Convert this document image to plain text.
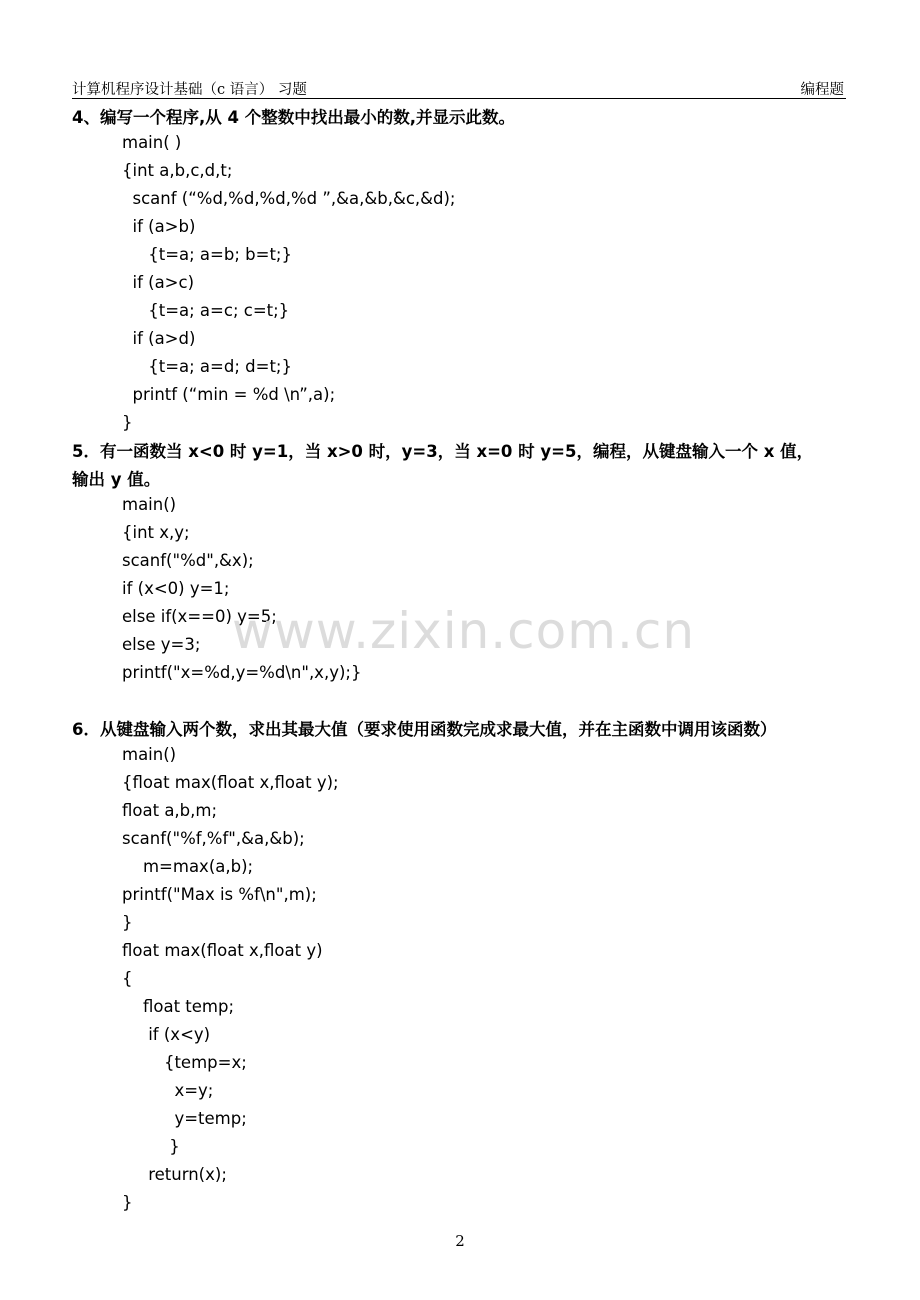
计算机程序设计基础（c 语言） 习题	编程题
4、编写一个程序,从 4 个整数中找出最小的数,并显示此数。
main( )
{int a,b,c,d,t;
scanf (“%d,%d,%d,%d ”,&a,&b,&c,&d);
if (a>b)
{t=a; a=b; b=t;}
if (a>c)
{t=a; a=c; c=t;}
if (a>d)
{t=a; a=d; d=t;}
printf (“min = %d \n”,a);
}
5．有一函数当 x<0 时 y=1，当 x>0 时，y=3，当 x=0 时 y=5，编程，从键盘输入一个 x 值，
输出 y 值。
main()
{int x,y;
scanf("%d",&x);
if (x<0) y=1;
else if(x==0) y=5;
else y=3;
printf("x=%d,y=%d\n",x,y);}
www.zixin.com.cn
6．从键盘输入两个数，求出其最大值（要求使用函数完成求最大值，并在主函数中调用该函数）
main()
{float max(float x,float y);
float a,b,m;
scanf("%f,%f",&a,&b);
m=max(a,b);
printf("Max is %f\n",m);
}
float max(float x,float y)
{
float temp;
if (x<y)
{temp=x;
x=y;
y=temp;
}
return(x);
}
2
